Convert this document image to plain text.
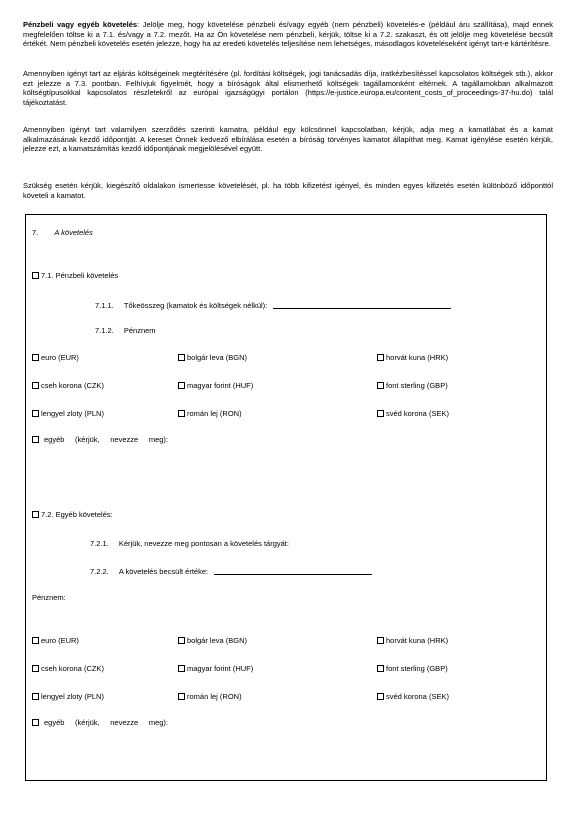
Pénzbeli vagy egyéb követelés: Jelölje meg, hogy követelése pénzbeli és/vagy egyéb (nem pénzbeli) követelés-e (például áru szállítása), majd ennek megfelelően töltse ki a 7.1. és/vagy a 7.2. mezőt. Ha az Ön követelése nem pénzbeli, kérjük, töltse ki a 7.2. szakaszt, és ott jelölje meg követelése becsült értékét. Nem pénzbeli követelés esetén jelezze, hogy ha az eredeti követelés teljesítése nem lehetséges, másodlagos követeléseként igényt tart-e kártérítésre.

Amennyiben igényt tart az eljárás költségeinek megtérítésére (pl. fordítási költségek, jogi tanácsadás díja, iratkézbesítéssel kapcsolatos költségek stb.), akkor ezt jelezze a 7.3. pontban. Felhívjuk figyelmét, hogy a bíróságok által elismerhető költségek tagállamonként eltérnek. A tagállamokban alkalmazott költségtípusokkal kapcsolatos részletekről az európai igazságügyi portálon (https://e-justice.europa.eu/content_costs_of_proceedings-37-hu.do) talál tájékoztatást.

Amennyiben igényt tart valamilyen szerződés szerinti kamatra, például egy kölcsönnel kapcsolatban, kérjük, adja meg a kamatlábat és a kamat alkalmazásának kezdő időpontját. A kereset Önnek kedvező elbírálása esetén a bíróság törvényes kamatot állapíthat meg. Kamat igénylése esetén kérjük, jelezze ezt, a kamatszámítás kezdő időpontjának megjelölésével együtt.

Szükség esetén kérjük, kiegészítő oldalakon ismertesse követelését, pl. ha több kifizetést igényel, és minden egyes kifizetés esetén különböző időponttól követeli a kamatot.

7. A követelés
7.1. Pénzbeli követelés
7.1.1. Tőkeösszeg (kamatok és költségek nélkül):
7.1.2. Pénznem
euro (EUR)	bolgár leva (BGN)	horvát kuna (HRK)
cseh korona (CZK)	magyar forint (HUF)	font sterling (GBP)
lengyel zloty (PLN)	román lej (RON)	svéd korona (SEK)
egyéb (kérjük, nevezze meg):
7.2. Egyéb követelés:
7.2.1. Kérjük, nevezze meg pontosan a követelés tárgyát:
7.2.2. A követelés becsült értéke:
Pénznem:
euro (EUR)	bolgár leva (BGN)	horvát kuna (HRK)
cseh korona (CZK)	magyar forint (HUF)	font sterling (GBP)
lengyel zloty (PLN)	román lej (RON)	svéd korona (SEK)
egyéb (kérjük, nevezze meg):
